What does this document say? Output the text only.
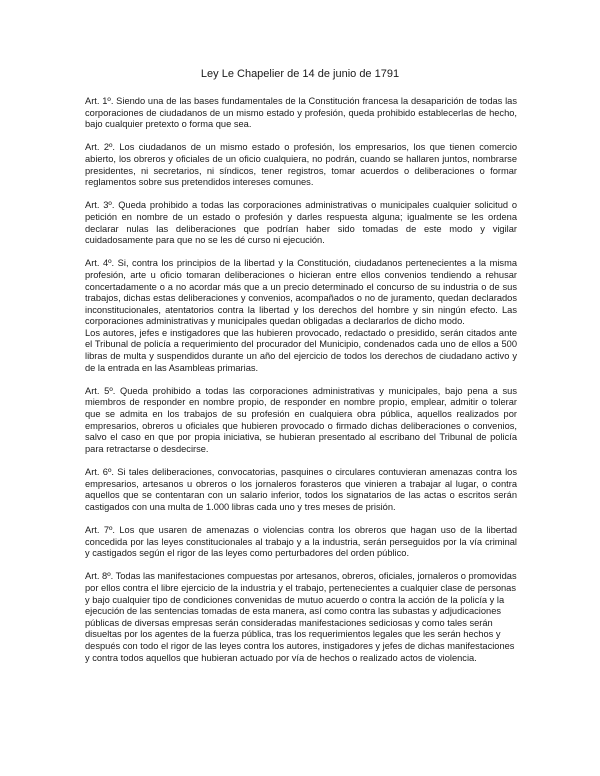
Ley Le Chapelier de 14 de junio de 1791

Art. 1º. Siendo una de las bases fundamentales de la Constitución francesa la desaparición de todas las corporaciones de ciudadanos de un mismo estado y profesión, queda prohibido establecerlas de hecho, bajo cualquier pretexto o forma que sea.

Art. 2º. Los ciudadanos de un mismo estado o profesión, los empresarios, los que tienen comercio abierto, los obreros y oficiales de un oficio cualquiera, no podrán, cuando se hallaren juntos, nombrarse presidentes, ni secretarios, ni síndicos, tener registros, tomar acuerdos o deliberaciones o formar reglamentos sobre sus pretendidos intereses comunes.

Art. 3º. Queda prohibido a todas las corporaciones administrativas o municipales cualquier solicitud o petición en nombre de un estado o profesión y darles respuesta alguna; igualmente se les ordena declarar nulas las deliberaciones que podrían haber sido tomadas de este modo y vigilar cuidadosamente para que no se les dé curso ni ejecución.

Art. 4º. Si, contra los principios de la libertad y la Constitución, ciudadanos pertenecientes a la misma profesión, arte u oficio tomaran deliberaciones o hicieran entre ellos convenios tendiendo a rehusar concertadamente o a no acordar más que a un precio determinado el concurso de su industria o de sus trabajos, dichas estas deliberaciones y convenios, acompañados o no de juramento, quedan declarados inconstitucionales, atentatorios contra la libertad y los derechos del hombre y sin ningún efecto. Las corporaciones administrativas y municipales quedan obligadas a declararlos de dicho modo.

Los autores, jefes e instigadores que las hubieren provocado, redactado o presidido, serán citados ante el Tribunal de policía a requerimiento del procurador del Municipio, condenados cada uno de ellos a 500 libras de multa y suspendidos durante un año del ejercicio de todos los derechos de ciudadano activo y de la entrada en las Asambleas primarias.

Art. 5º. Queda prohibido a todas las corporaciones administrativas y municipales, bajo pena a sus miembros de responder en nombre propio, de responder en nombre propio, emplear, admitir o tolerar que se admita en los trabajos de su profesión en cualquiera obra pública, aquellos realizados por empresarios, obreros u oficiales que hubieren provocado o firmado dichas deliberaciones o convenios, salvo el caso en que por propia iniciativa, se hubieran presentado al escribano del Tribunal de policía para retractarse o desdecirse.

Art. 6º. Si tales deliberaciones, convocatorias, pasquines o circulares contuvieran amenazas contra los empresarios, artesanos u obreros o los jornaleros forasteros que vinieren a trabajar al lugar, o contra aquellos que se contentaran con un salario inferior, todos los signatarios de las actas o escritos serán castigados con una multa de 1.000 libras cada uno y tres meses de prisión.

Art. 7º. Los que usaren de amenazas o violencias contra los obreros que hagan uso de la libertad concedida por las leyes constitucionales al trabajo y a la industria, serán perseguidos por la vía criminal y castigados según el rigor de las leyes como perturbadores del orden público.

Art. 8º. Todas las manifestaciones compuestas por artesanos, obreros, oficiales, jornaleros o promovidas por ellos contra el libre ejercicio de la industria y el trabajo, pertenecientes a cualquier clase de personas y bajo cualquier tipo de condiciones convenidas de mutuo acuerdo o contra la acción de la policía y la ejecución de las sentencias tomadas de esta manera, así como contra las subastas y adjudicaciones públicas de diversas empresas serán consideradas manifestaciones sediciosas y como tales serán disueltas por los agentes de la fuerza pública, tras los requerimientos legales que les serán hechos y después con todo el rigor de las leyes contra los autores, instigadores y jefes de dichas manifestaciones y contra todos aquellos que hubieran actuado por vía de hechos o realizado actos de violencia.
